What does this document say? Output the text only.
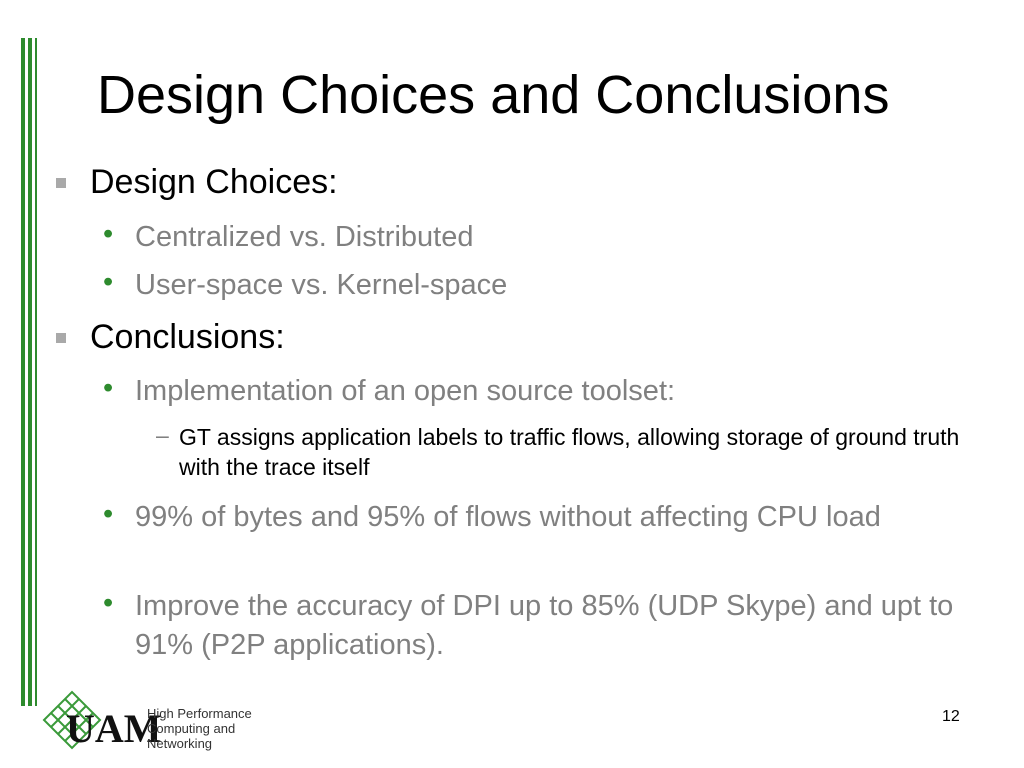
Design Choices and Conclusions
Design Choices:
• Centralized vs. Distributed
• User-space vs. Kernel-space
Conclusions:
• Implementation of an open source toolset:
– GT assigns application labels to traffic flows, allowing storage of ground truth with the trace itself
• 99% of bytes and 95% of flows without affecting CPU load
• Improve the accuracy of DPI up to 85% (UDP Skype) and upt to 91% (P2P applications).
UAM
High Performance Computing and Networking
12
